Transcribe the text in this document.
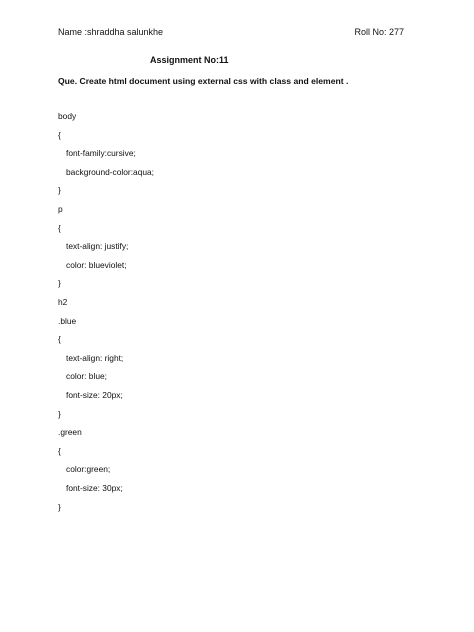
Name :shraddha salunkhe	Roll No: 277
Assignment No:11
Que. Create html document using external css with class and element .
body
{
font-family:cursive;
background-color:aqua;
}
p
{
text-align: justify;
color: blueviolet;
}
h2
.blue
{
text-align: right;
color: blue;
font-size: 20px;
}
.green
{
color:green;
font-size: 30px;
}
